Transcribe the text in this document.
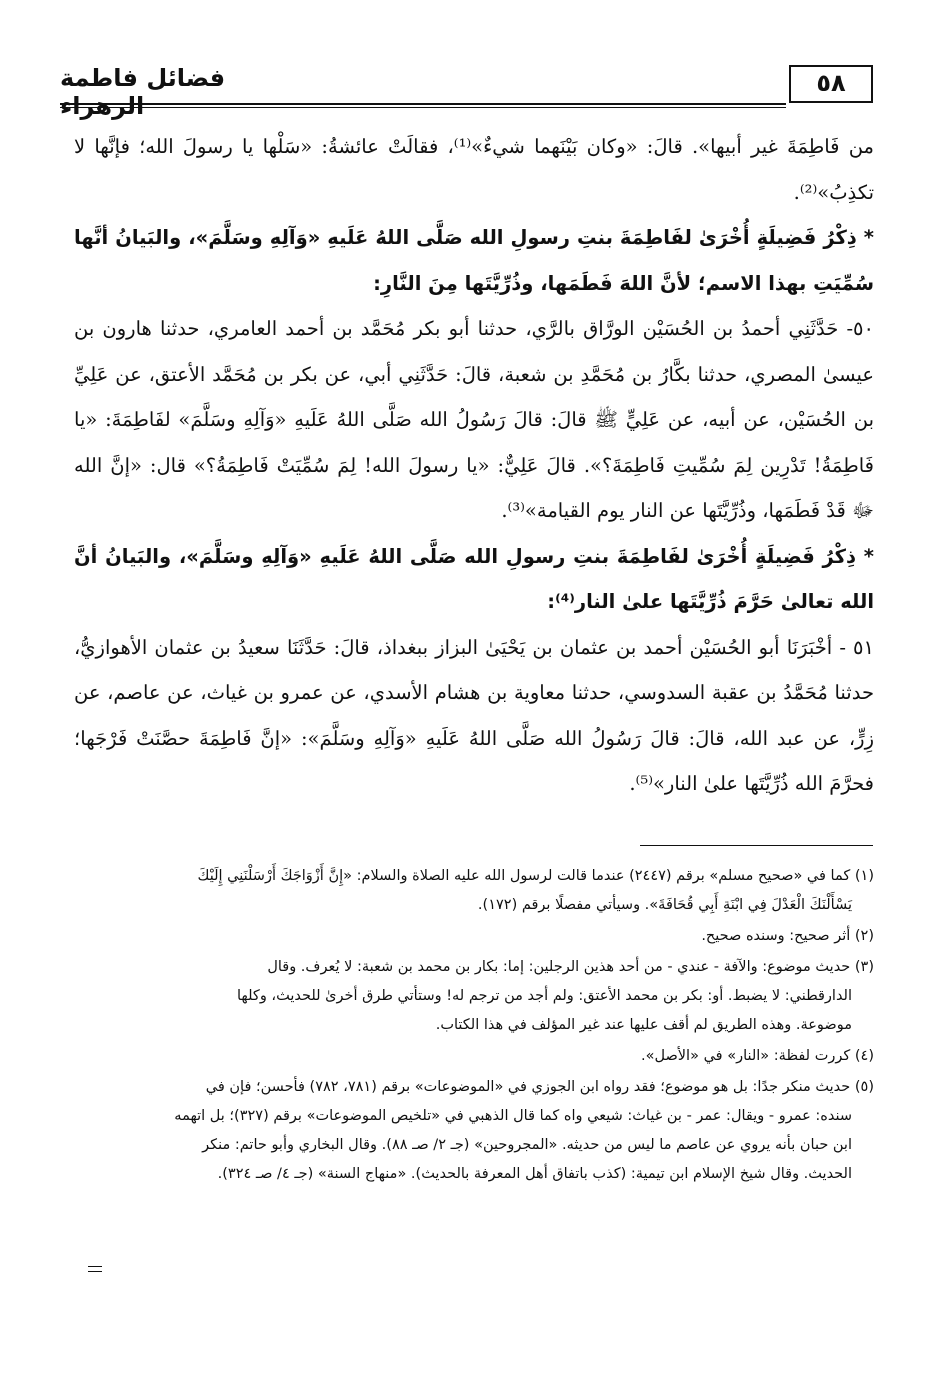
فضائل فاطمة الزهراء
٥٨

من فَاطِمَةَ غير أبيها». قالَ: «وكان بَيْنَهما شيءٌ»⁽¹⁾، فقالَتْ عائشةُ: «سَلْها يا رسولَ الله؛ فإنَّها لا تكذِبُ»⁽²⁾.

* ذِكْرُ فَضِيلَةٍ أُخْرَىٰ لفَاطِمَةَ بنتِ رسولِ الله صَلَّى اللهُ عَلَيهِ «وَآلِهِ وسَلَّمَ»، والبَيانُ أنَّها سُمِّيَتِ بهذا الاسم؛ لأنَّ اللهَ فَطَمَها، وذُرِّيَّتَها مِنَ النَّارِ:

٥٠- حَدَّثَنِي أحمدُ بن الحُسَيْن الورَّاق بالرَّي، حدثنا أبو بكر مُحَمَّد بن أحمد العامري، حدثنا هارون بن عيسىٰ المصري، حدثنا بكَّارُ بن مُحَمَّدِ بن شعبة، قالَ: حَدَّثَنِي أبي، عن بكر بن مُحَمَّد الأعتق، عن عَلِيِّ بن الحُسَيْن، عن أبيه، عن عَلِيٍّ ﷺ قالَ: قالَ رَسُولُ الله صَلَّى اللهُ عَلَيهِ «وَآلِهِ وسَلَّمَ» لفَاطِمَةَ: «يا فَاطِمَةُ! تَدْرِين لِمَ سُمِّيتِ فَاطِمَةَ؟». قالَ عَلِيٌّ: «يا رسولَ الله! لِمَ سُمِّيَتْ فَاطِمَةُ؟» قال: «إنَّ الله ﷻ قَدْ فَطَمَها، وذُرِّيَّتَها عن النار يوم القيامة»⁽³⁾.

* ذِكْرُ فَضِيلَةٍ أُخْرَىٰ لفَاطِمَةَ بنتِ رسولِ الله صَلَّى اللهُ عَلَيهِ «وَآلِهِ وسَلَّمَ»، والبَيانُ أنَّ الله تعالىٰ حَرَّمَ ذُرِّيَّتَها علىٰ النار⁽⁴⁾:

٥١ - أخْبَرَنَا أبو الحُسَيْن أحمد بن عثمان بن يَحْيَىٰ البزاز ببغداذ، قالَ: حَدَّثَنَا سعيدُ بن عثمان الأهوازيُّ، حدثنا مُحَمَّدُ بن عقبة السدوسي، حدثنا معاوية بن هشام الأسدي، عن عمرو بن غياث، عن عاصم، عن زِرٍّ، عن عبد الله، قالَ: قالَ رَسُولُ الله صَلَّى اللهُ عَلَيهِ «وَآلِهِ وسَلَّمَ»: «إنَّ فَاطِمَةَ حصَّنَتْ فَرْجَها؛ فحرَّمَ الله ذُرِّيَّتَها علىٰ النار»⁽⁵⁾.

(١) كما في «صحيح مسلم» برقم (٢٤٤٧) عندما قالت لرسول الله عليه الصلاة والسلام: «إِنَّ أَزْوَاجَكَ أَرْسَلْنَنِي إِلَيْكَ
يَسْأَلْنَكَ الْعَدْلَ فِي ابْنَةِ أَبِي قُحَافَةَ». وسيأتي مفصلًا برقم (١٧٢).

(٢) أثر صحيح: وسنده صحيح.

(٣) حديث موضوع: والآفة - عندي - من أحد هذين الرجلين: إما: بكار بن محمد بن شعبة: لا يُعرف. وقال
الدارقطني: لا يضبط. أو: بكر بن محمد الأعتق: ولم أجد من ترجم له! وستأتي طرق أخرىٰ للحديث، وكلها
موضوعة. وهذه الطريق لم أقف عليها عند غير المؤلف في هذا الكتاب.

(٤) كررت لفظة: «النار» في «الأصل».

(٥) حديث منكر جدًا: بل هو موضوع؛ فقد رواه ابن الجوزي في «الموضوعات» برقم (٧٨١، ٧٨٢) فأحسن؛ فإن في
سنده: عمرو - ويقال: عمر - بن غياث: شيعي واه كما قال الذهبي في «تلخيص الموضوعات» برقم (٣٢٧)؛ بل اتهمه
ابن حبان بأنه يروي عن عاصم ما ليس من حديثه. «المجروحين» (جـ ٢/ صـ ٨٨). وقال البخاري وأبو حاتم: منكر
الحديث. وقال شيخ الإسلام ابن تيمية: (كذب باتفاق أهل المعرفة بالحديث). «منهاج السنة» (جـ ٤/ صـ ٣٢٤).
